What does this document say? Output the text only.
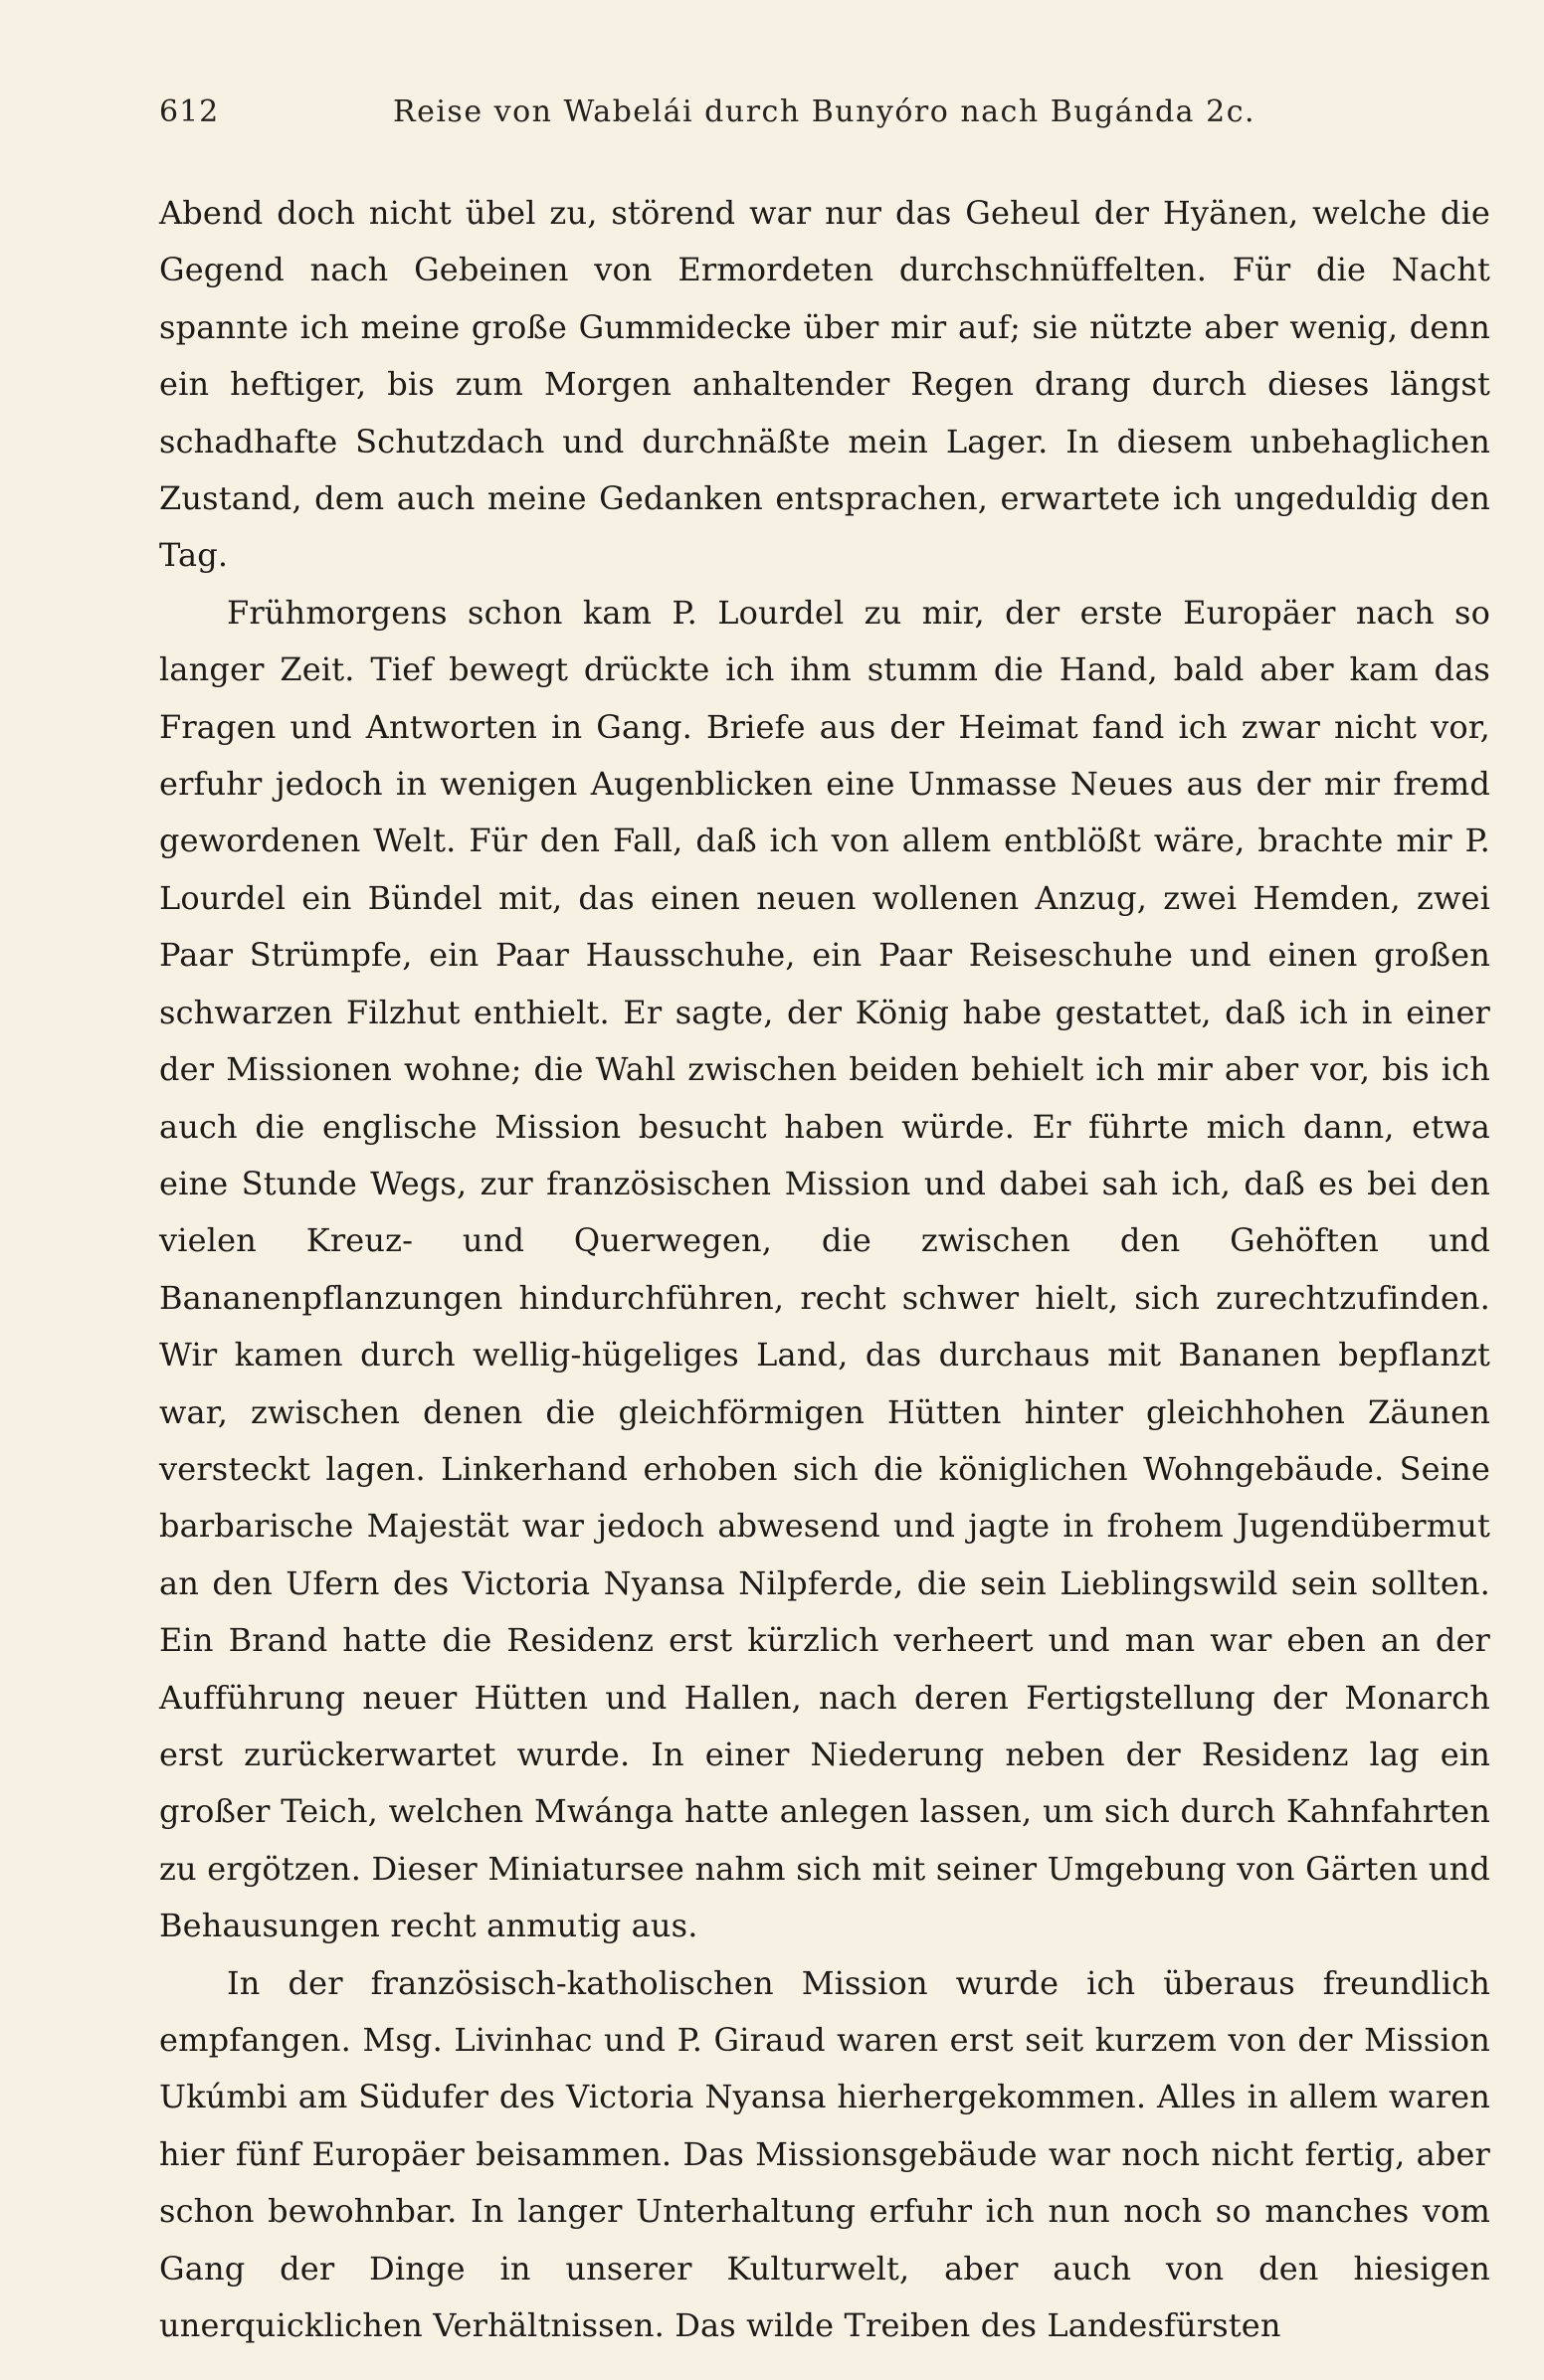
612	Reise von Wabelái durch Bunyóro nach Bugánda 2c.

Abend doch nicht übel zu, störend war nur das Geheul der Hyänen, welche die Gegend nach Gebeinen von Ermordeten durchschnüffelten. Für die Nacht spannte ich meine große Gummidecke über mir auf; sie nützte aber wenig, denn ein heftiger, bis zum Morgen anhaltender Regen drang durch dieses längst schadhafte Schutzdach und durchnäßte mein Lager. In diesem unbehaglichen Zustand, dem auch meine Gedanken entsprachen, erwartete ich ungeduldig den Tag.

Frühmorgens schon kam P. Lourdel zu mir, der erste Europäer nach so langer Zeit. Tief bewegt drückte ich ihm stumm die Hand, bald aber kam das Fragen und Antworten in Gang. Briefe aus der Heimat fand ich zwar nicht vor, erfuhr jedoch in wenigen Augenblicken eine Unmasse Neues aus der mir fremd gewordenen Welt. Für den Fall, daß ich von allem entblößt wäre, brachte mir P. Lourdel ein Bündel mit, das einen neuen wollenen Anzug, zwei Hemden, zwei Paar Strümpfe, ein Paar Hausschuhe, ein Paar Reiseschuhe und einen großen schwarzen Filzhut enthielt. Er sagte, der König habe gestattet, daß ich in einer der Missionen wohne; die Wahl zwischen beiden behielt ich mir aber vor, bis ich auch die englische Mission besucht haben würde. Er führte mich dann, etwa eine Stunde Wegs, zur französischen Mission und dabei sah ich, daß es bei den vielen Kreuz- und Querwegen, die zwischen den Gehöften und Bananenpflanzungen hindurchführen, recht schwer hielt, sich zurechtzufinden. Wir kamen durch wellig-hügeliges Land, das durchaus mit Bananen bepflanzt war, zwischen denen die gleichförmigen Hütten hinter gleichhohen Zäunen versteckt lagen. Linkerhand erhoben sich die königlichen Wohngebäude. Seine barbarische Majestät war jedoch abwesend und jagte in frohem Jugendübermut an den Ufern des Victoria Nyansa Nilpferde, die sein Lieblingswild sein sollten. Ein Brand hatte die Residenz erst kürzlich verheert und man war eben an der Aufführung neuer Hütten und Hallen, nach deren Fertigstellung der Monarch erst zurückerwartet wurde. In einer Niederung neben der Residenz lag ein großer Teich, welchen Mwánga hatte anlegen lassen, um sich durch Kahnfahrten zu ergötzen. Dieser Miniatursee nahm sich mit seiner Umgebung von Gärten und Behausungen recht anmutig aus.

In der französisch-katholischen Mission wurde ich überaus freundlich empfangen. Msg. Livinhac und P. Giraud waren erst seit kurzem von der Mission Ukúmbi am Südufer des Victoria Nyansa hierhergekommen. Alles in allem waren hier fünf Europäer beisammen. Das Missionsgebäude war noch nicht fertig, aber schon bewohnbar. In langer Unterhaltung erfuhr ich nun noch so manches vom Gang der Dinge in unserer Kulturwelt, aber auch von den hiesigen unerquicklichen Verhältnissen. Das wilde Treiben des Landesfürsten
